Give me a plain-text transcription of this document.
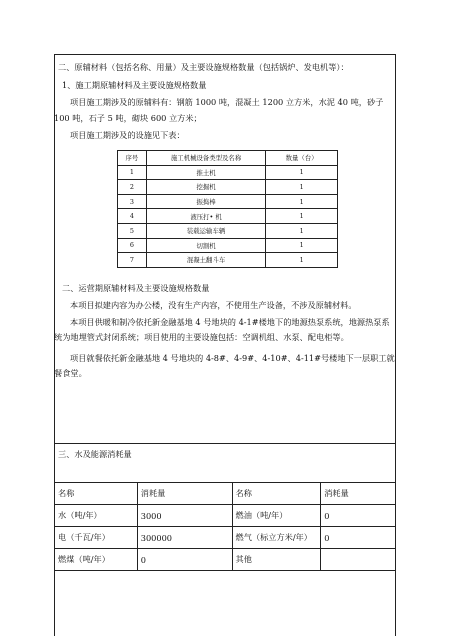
二、原辅材料（包括名称、用量）及主要设施规格数量（包括锅炉、发电机等）：
1、施工期原辅材料及主要设施规格数量
项目施工期涉及的原辅料有：钢筋 1000 吨，混凝土 1200 立方米，水泥 40 吨，砂子
100 吨，石子 5 吨，砌块 600 立方米；
项目施工期涉及的设施见下表：
序号	施工机械设备类型及名称	数量（台）
1	推土机	1
2	挖掘机	1
3	振捣棒	1
4	液压打• 机	1
5	装载运输车辆	1
6	切割机	1
7	混凝土翻斗车	1
二、运营期原辅材料及主要设施规格数量
本项目拟建内容为办公楼，没有生产内容，不使用生产设备，不涉及原辅材料。
本项目供暖和制冷依托新金融基地 4 号地块的 4-1#楼地下的地源热泵系统，地源热泵系统为地埋管式封闭系统；项目使用的主要设施包括：空调机组、水泵、配电柜等。
项目就餐依托新金融基地 4 号地块的 4-8#、4-9#、4-10#、4-11#号楼地下一层职工就餐食堂。
三、水及能源消耗量
名称	消耗量	名称	消耗量
水（吨/年）	3000	燃油（吨/年）	0
电（千瓦/年）	300000	燃气（标立方米/年）	0
燃煤（吨/年）	0	其他	
